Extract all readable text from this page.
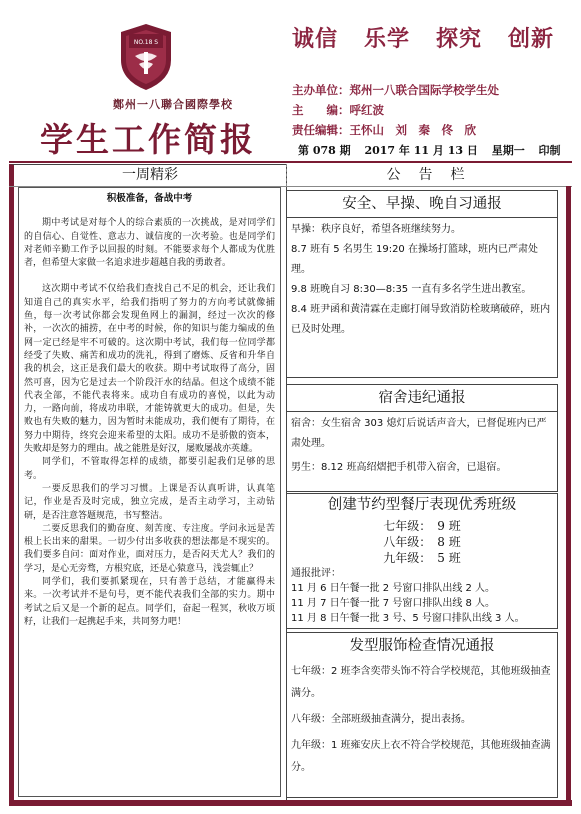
NO.18 S
鄭州一八聯合國際學校
学生工作简报
诚信 乐学 探究 创新
主办单位：郑州一八联合国际学校学生处
主　　编：呼红波
责任编辑：王怀山　刘　秦　佟　欣
第 078 期 2017 年 11 月 13 日 星期一 印制
一周精彩	公　告　栏
积极准备，备战中考

期中考试是对每个人的综合素质的一次挑战，是对同学们的自信心、自觉性、意志力、诚信度的一次考验。也是同学们对老师辛勤工作予以回报的时刻。不能要求每个人都成为优胜者，但希望大家做一名追求进步超越自我的勇敢者。

这次期中考试不仅给我们查找自己不足的机会，还让我们知道自己的真实水平，给我们指明了努力的方向考试就像捕鱼，每一次考试你都会发现鱼网上的漏洞，经过一次次的修补，一次次的捕捞，在中考的时候，你的知识与能力编成的鱼网一定已经是牢不可破的。这次期中考试，我们每一位同学都经受了失败、痛苦和成功的洗礼，得到了磨炼、反省和升华自我的机会，这正是我们最大的收获。期中考试取得了高分，固然可喜，因为它是过去一个阶段汗水的结晶。但这个成绩不能代表全部，不能代表将来。成功自有成功的喜悦，以此为动力，一路向前，将成功串联，才能铸就更大的成功。但是，失败也有失败的魅力，因为暂时未能成功，我们便有了期待，在努力中期待，终究会迎来希望的太阳。成功不是骄傲的资本，失败却是努力的理由。战之能胜是好汉，屡败屡战亦英雄。

同学们，不管取得怎样的成绩，都要引起我们足够的思考。

一要反思我们的学习习惯。上课是否认真听讲，认真笔记，作业是否及时完成，独立完成，是否主动学习，主动钻研，是否注意答题规范，书写整洁。

二要反思我们的勤奋度、刻苦度、专注度。学问永远是苦根上长出来的甜果。一切少付出多收获的想法都是不现实的。我们要多自问：面对作业，面对压力，是否闷天尤人？我们的学习，是心无旁骛，方根究底，还是心猿意马，浅尝辄止？

同学们，我们要抓紧现在，只有善于总结，才能赢得未来。一次考试并不是句号，更不能代表我们全部的实力。期中考试之后又是一个新的起点。同学们，奋起一程冥，秋收万顷籽，让我们一起携起手来，共同努力吧！

安全、早操、晚自习通报

早操：秩序良好，希望各班继续努力。

8.7 班有 5 名男生 19:20 在操场打篮球，班内已严肃处理。

9.8 班晚自习 8:30—8:35 一直有多名学生进出教室。

8.4 班尹函和黄清霖在走廊打闹导致消防栓玻璃破碎，班内已及时处理。

宿舍违纪通报

宿舍：女生宿舍 303 熄灯后说话声音大，已督促班内已严肃处理。

男生：8.12 班高绍熠把手机带入宿舍，已退宿。

创建节约型餐厅表现优秀班级
七年级：　 9 班
八年级：　 8 班
九年级：　 5 班

通报批评：

11 月 6 日午餐一批 2 号窗口排队出线 2 人。

11 月 7 日午餐一批 7 号窗口排队出线 8 人。

11 月 8 日午餐一批 3 号、5 号窗口排队出线 3 人。

发型服饰检查情况通报

七年级：2 班李含奕带头饰不符合学校规范，其他班级抽查满分。

八年级：全部班级抽查满分，提出表扬。

九年级：1 班雍安庆上衣不符合学校规范，其他班级抽查满分。
